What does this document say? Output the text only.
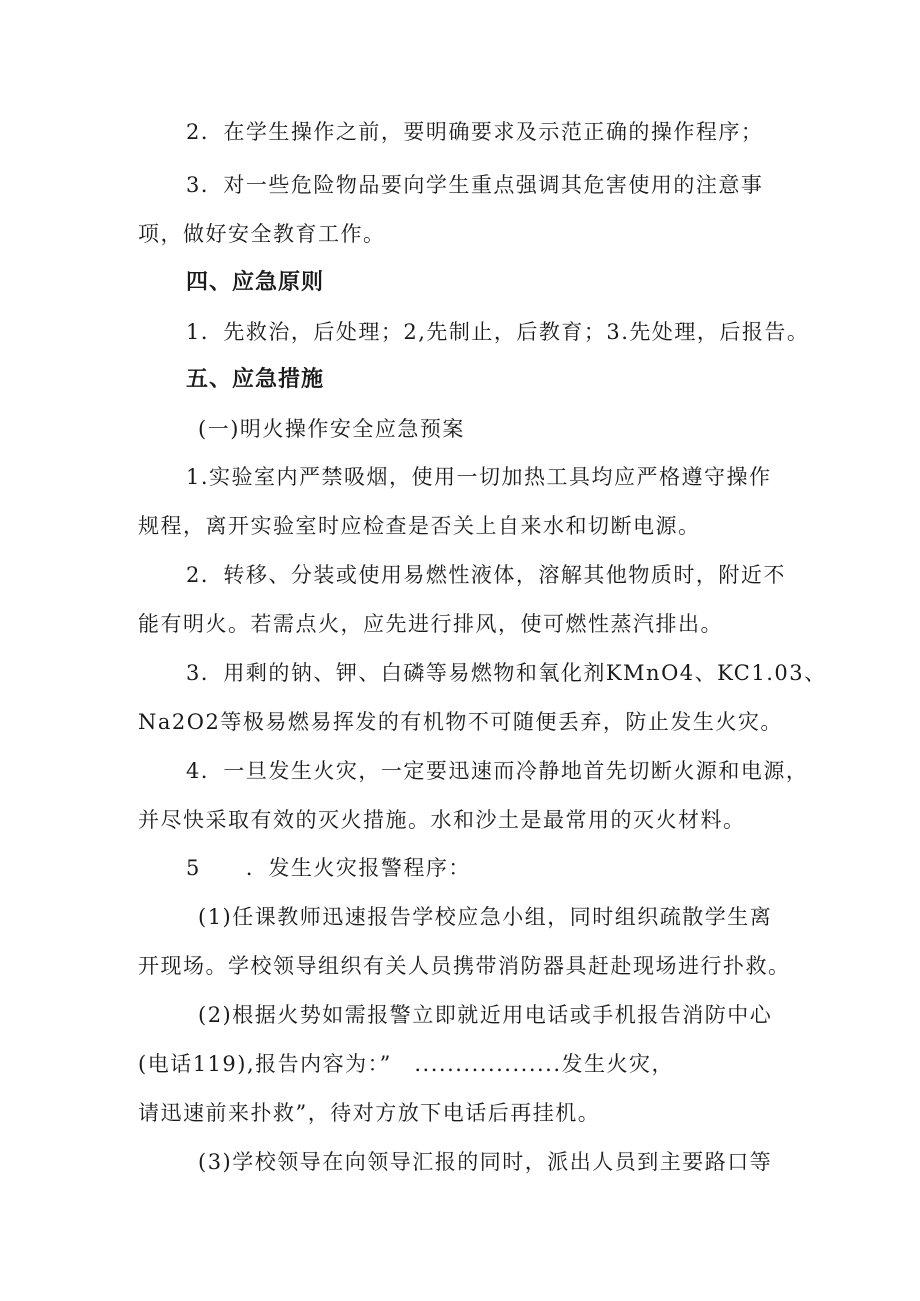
2．在学生操作之前，要明确要求及示范正确的操作程序；
3．对一些危险物品要向学生重点强调其危害使用的注意事
项，做好安全教育工作。
四、应急原则
1．先救治，后处理；2,先制止，后教育；3.先处理，后报告。
五、应急措施
(一)明火操作安全应急预案
1.实验室内严禁吸烟，使用一切加热工具均应严格遵守操作
规程，离开实验室时应检查是否关上自来水和切断电源。
2．转移、分装或使用易燃性液体，溶解其他物质时，附近不
能有明火。若需点火，应先进行排风，使可燃性蒸汽排出。
3．用剩的钠、钾、白磷等易燃物和氧化剂KMnO4、KC1.03、
Na2O2等极易燃易挥发的有机物不可随便丢弃，防止发生火灾。
4．一旦发生火灾，一定要迅速而冷静地首先切断火源和电源，
并尽快采取有效的灭火措施。水和沙土是最常用的灭火材料。
5　　．发生火灾报警程序：
(1)任课教师迅速报告学校应急小组，同时组织疏散学生离
开现场。学校领导组织有关人员携带消防器具赶赴现场进行扑救。
(2)根据火势如需报警立即就近用电话或手机报告消防中心
(电话119),报告内容为：”　..................发生火灾，
请迅速前来扑救”，待对方放下电话后再挂机。
(3)学校领导在向领导汇报的同时，派出人员到主要路口等
